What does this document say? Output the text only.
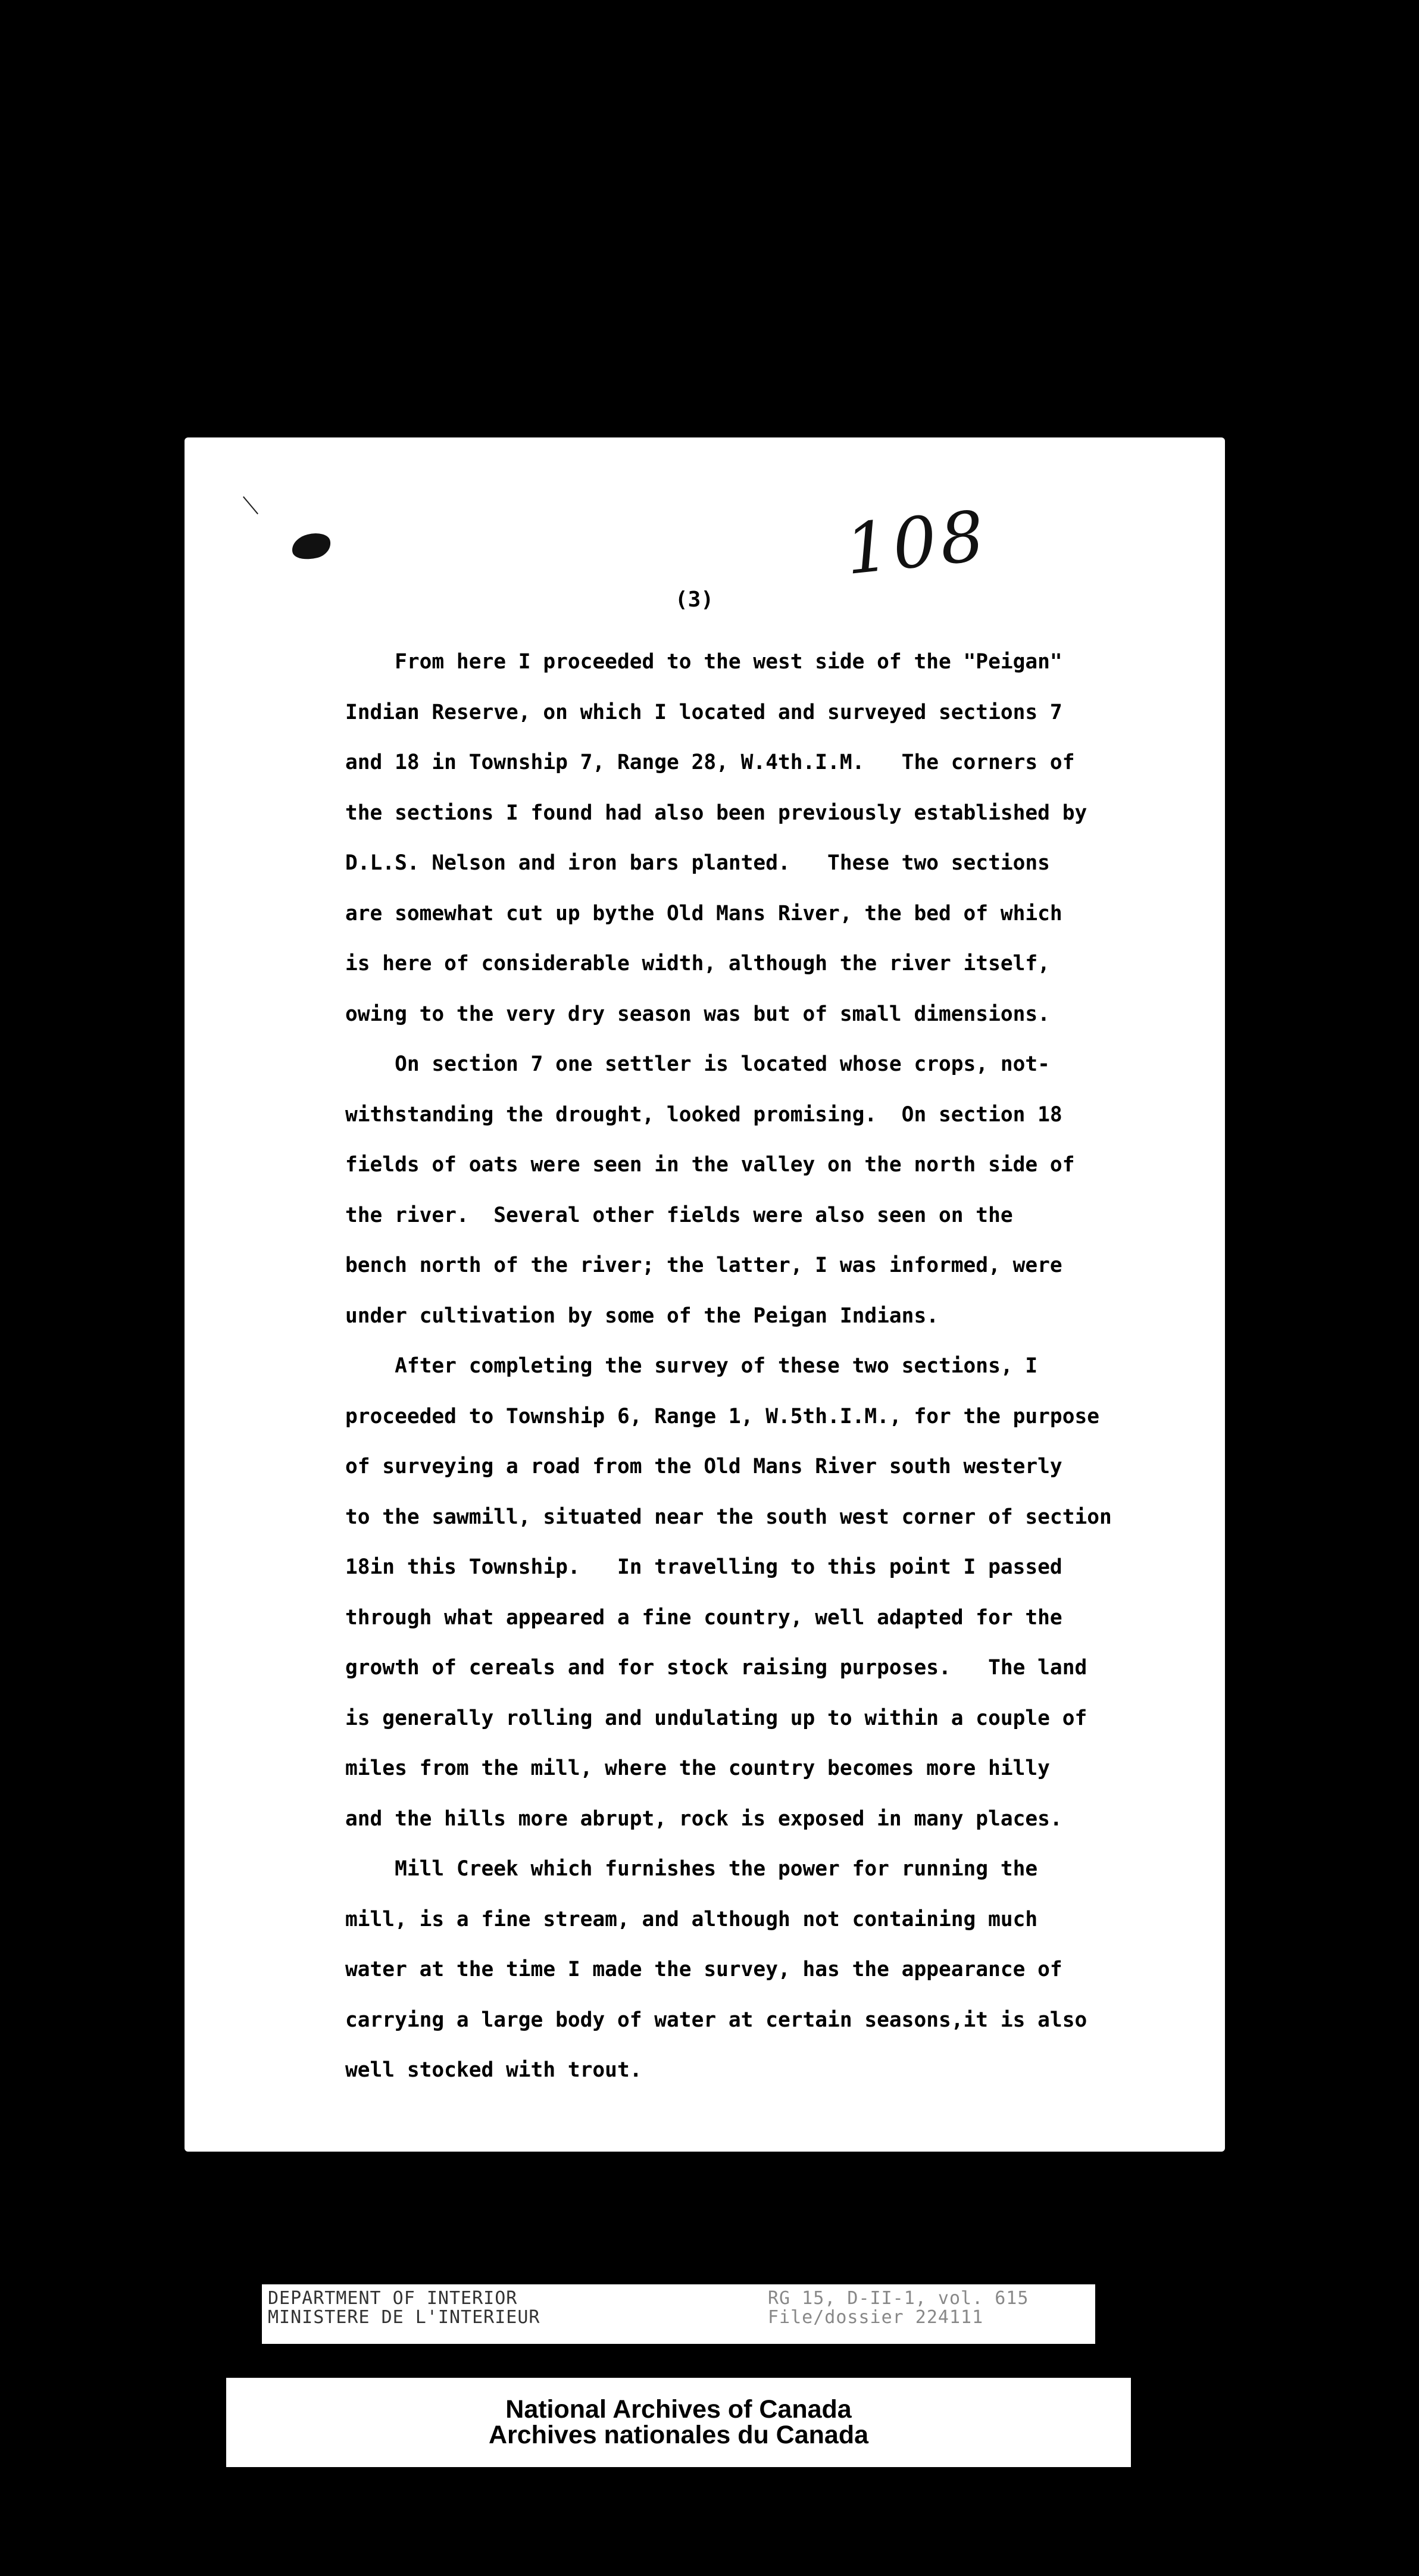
108
(3)
From here I proceeded to the west side of the "Peigan"
Indian Reserve, on which I located and surveyed sections 7
and 18 in Township 7, Range 28, W.4th.I.M.   The corners of
the sections I found had also been previously established by
D.L.S. Nelson and iron bars planted.   These two sections
are somewhat cut up bythe Old Mans River, the bed of which
is here of considerable width, although the river itself,
owing to the very dry season was but of small dimensions.
On section 7 one settler is located whose crops, not-
withstanding the drought, looked promising.  On section 18
fields of oats were seen in the valley on the north side of
the river.  Several other fields were also seen on the
bench north of the river; the latter, I was informed, were
under cultivation by some of the Peigan Indians.
After completing the survey of these two sections, I
proceeded to Township 6, Range 1, W.5th.I.M., for the purpose
of surveying a road from the Old Mans River south westerly
to the sawmill, situated near the south west corner of section
18in this Township.   In travelling to this point I passed
through what appeared a fine country, well adapted for the
growth of cereals and for stock raising purposes.   The land
is generally rolling and undulating up to within a couple of
miles from the mill, where the country becomes more hilly
and the hills more abrupt, rock is exposed in many places.
Mill Creek which furnishes the power for running the
mill, is a fine stream, and although not containing much
water at the time I made the survey, has the appearance of
carrying a large body of water at certain seasons,it is also
well stocked with trout.
DEPARTMENT OF INTERIOR
MINISTERE DE L'INTERIEUR
RG 15, D-II-1, vol. 615
File/dossier 224111
National Archives of Canada
Archives nationales du Canada
